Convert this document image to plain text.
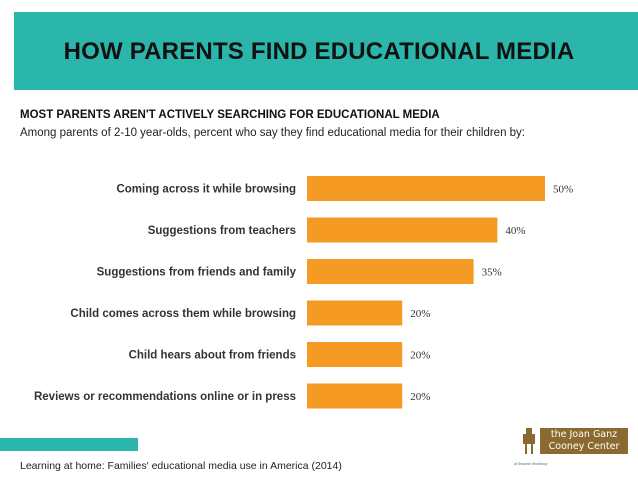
HOW PARENTS FIND EDUCATIONAL MEDIA
MOST PARENTS AREN'T ACTIVELY SEARCHING FOR EDUCATIONAL MEDIA
Among parents of 2-10 year-olds, percent who say they find educational media for their children by:
Coming across it while browsing	50%
Suggestions from teachers	40%
Suggestions from friends and family	35%
Child comes across them while browsing	20%
Child hears about from friends	20%
Reviews or recommendations online or in press	20%
Learning at home: Families' educational media use in America (2014)
the Joan Ganz
Cooney Center
at Sesame Workshop
